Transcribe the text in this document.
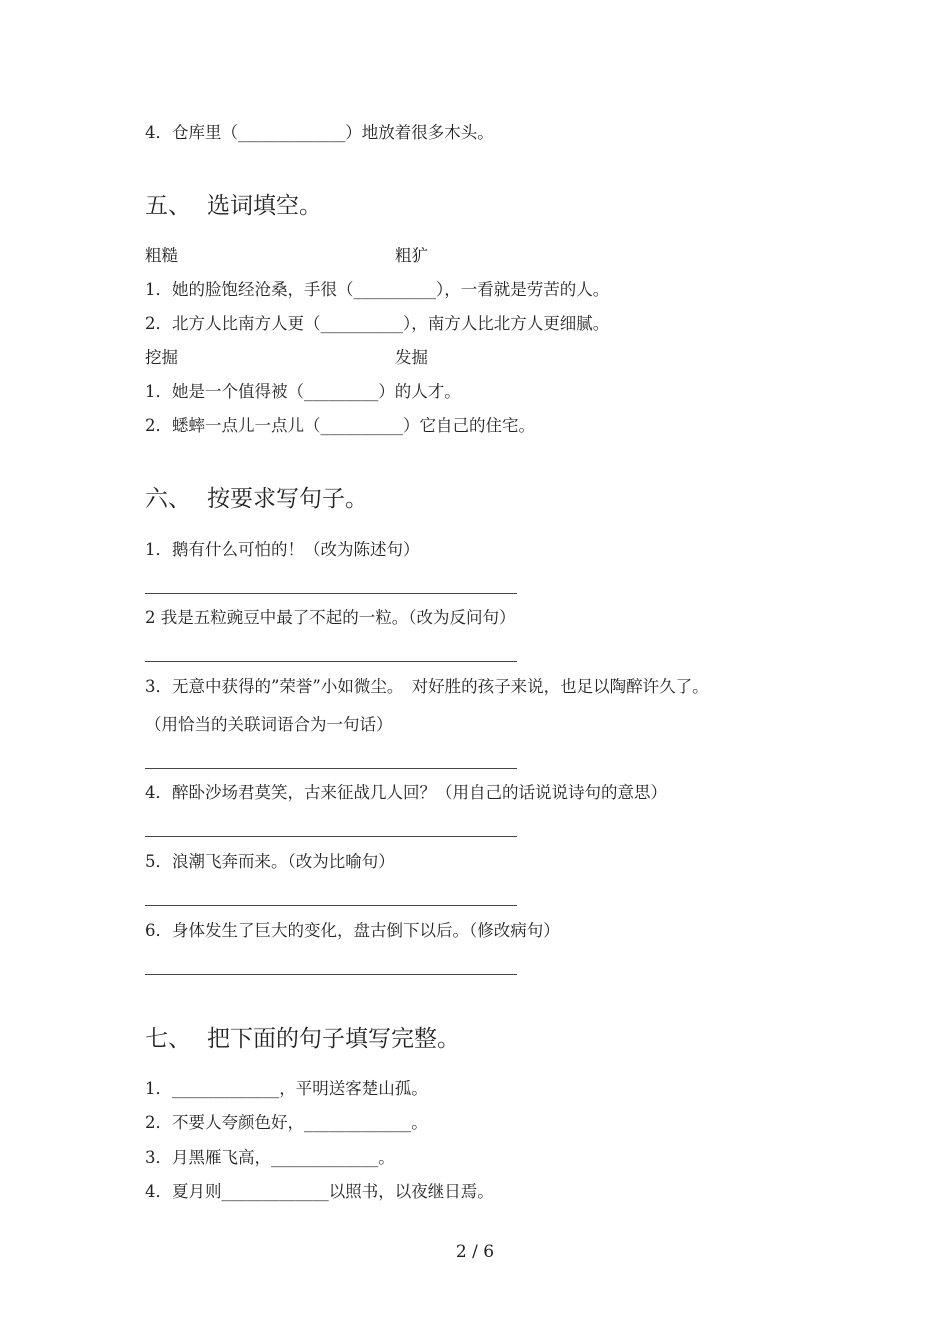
4．仓库里（_____________）地放着很多木头。
五、 选词填空。
粗糙	粗犷
1．她的脸饱经沧桑，手很（__________），一看就是劳苦的人。
2．北方人比南方人更（__________），南方人比北方人更细腻。
挖掘	发掘
1．她是一个值得被（_________）的人才。
2．蟋蟀一点儿一点儿（__________）它自己的住宅。
六、 按要求写句子。
1．鹅有什么可怕的！（改为陈述句）
2 我是五粒豌豆中最了不起的一粒。（改为反问句）
3．无意中获得的”荣誉”小如微尘。　对好胜的孩子来说，也足以陶醉许久了。
（用恰当的关联词语合为一句话）
4．醉卧沙场君莫笑，古来征战几人回？（用自己的话说说诗句的意思）
5．浪潮飞奔而来。（改为比喻句）
6．身体发生了巨大的变化，盘古倒下以后。（修改病句）
七、 把下面的句子填写完整。
1．_____________，平明送客楚山孤。
2．不要人夸颜色好，_____________。
3．月黑雁飞高，_____________。
4．夏月则_____________以照书，以夜继日焉。
2 / 6
